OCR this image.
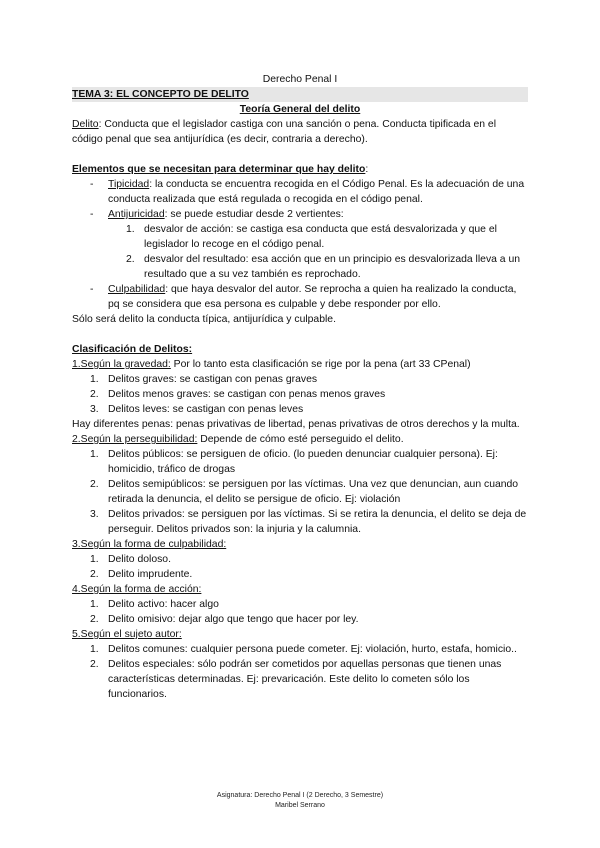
Derecho Penal I

TEMA 3: EL CONCEPTO DE DELITO

Teoría General del delito

Delito: Conducta que el legislador castiga con una sanción o pena. Conducta tipificada en el código penal que sea antijurídica (es decir, contraria a derecho).

Elementos que se necesitan para determinar que hay delito:

- Tipicidad: la conducta se encuentra recogida en el Código Penal. Es la adecuación de una conducta realizada que está regulada o recogida en el código penal.
- Antijuricidad: se puede estudiar desde 2 vertientes:
1. desvalor de acción: se castiga esa conducta que está desvalorizada y que el legislador lo recoge en el código penal.
2. desvalor del resultado: esa acción que en un principio es desvalorizada lleva a un resultado que a su vez también es reprochado.
- Culpabilidad: que haya desvalor del autor. Se reprocha a quien ha realizado la conducta, pq se considera que esa persona es culpable y debe responder por ello.

Sólo será delito la conducta típica, antijurídica y culpable.

Clasificación de Delitos:

1.Según la gravedad: Por lo tanto esta clasificación se rige por la pena (art 33 CPenal)

1. Delitos graves: se castigan con penas graves
2. Delitos menos graves: se castigan con penas menos graves
3. Delitos leves: se castigan con penas leves

Hay diferentes penas: penas privativas de libertad, penas privativas de otros derechos y la multa.

2.Según la perseguibilidad: Depende de cómo esté perseguido el delito.

1. Delitos públicos: se persiguen de oficio. (lo pueden denunciar cualquier persona). Ej: homicidio, tráfico de drogas
2. Delitos semipúblicos: se persiguen por las víctimas. Una vez que denuncian, aun cuando retirada la denuncia, el delito se persigue de oficio. Ej: violación
3. Delitos privados: se persiguen por las víctimas. Si se retira la denuncia, el delito se deja de perseguir. Delitos privados son: la injuria y la calumnia.

3.Según la forma de culpabilidad:

1. Delito doloso.
2. Delito imprudente.

4.Según la forma de acción:

1. Delito activo: hacer algo
2. Delito omisivo: dejar algo que tengo que hacer por ley.

5.Según el sujeto autor:

1. Delitos comunes: cualquier persona puede cometer. Ej: violación, hurto, estafa, homicio..
2. Delitos especiales: sólo podrán ser cometidos por aquellas personas que tienen unas características determinadas. Ej: prevaricación. Este delito lo cometen sólo los funcionarios.
Asignatura: Derecho Penal I (2 Derecho, 3 Semestre)
Maribel Serrano
